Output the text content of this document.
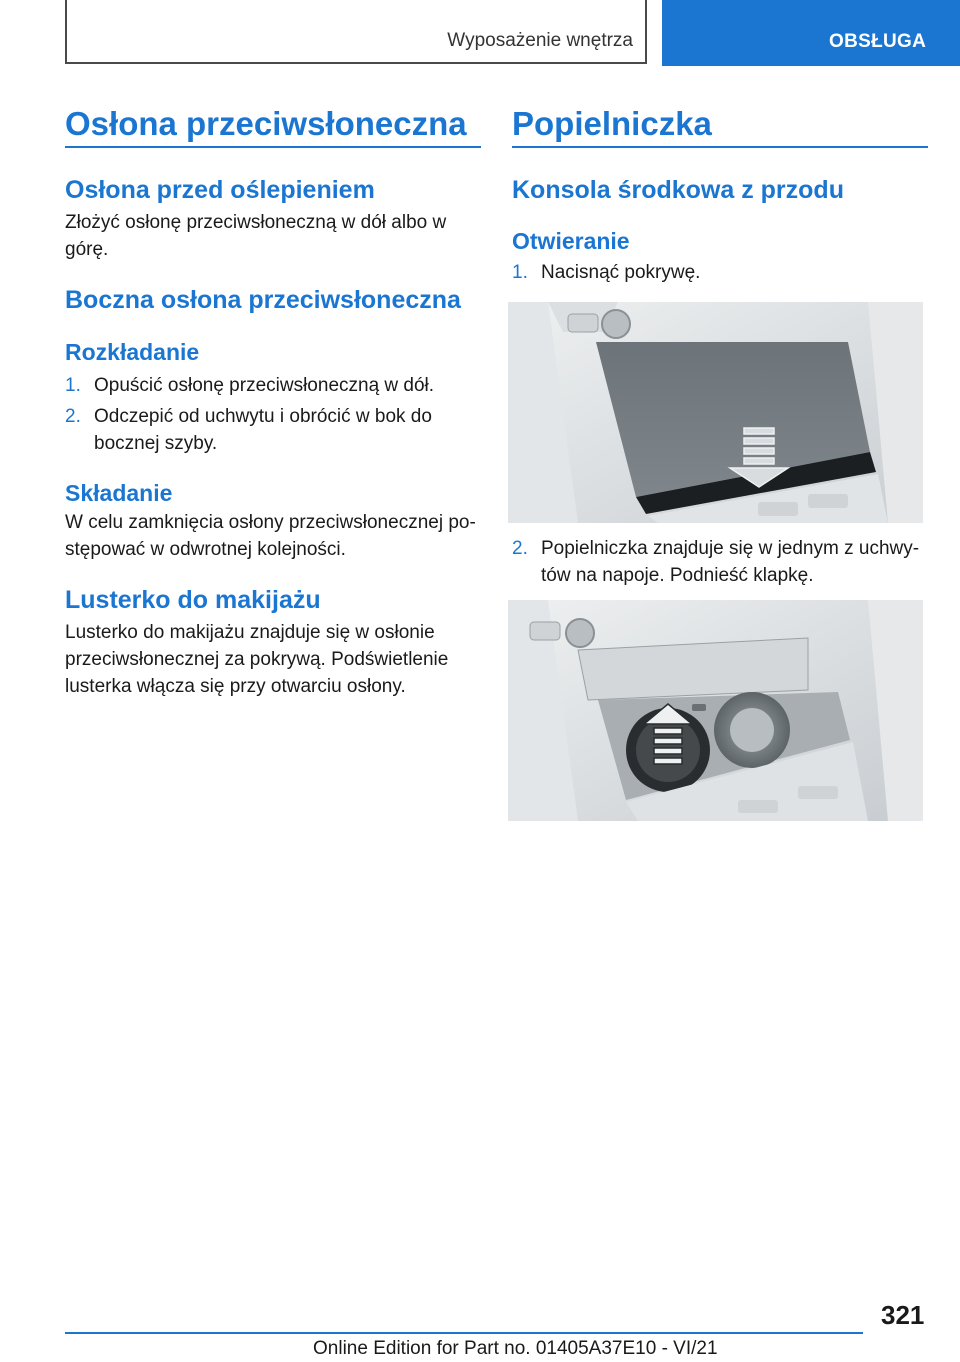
Wyposażenie wnętrza	OBSŁUGA
Osłona przeciwsłoneczna
Osłona przed oślepieniem

Złożyć osłonę przeciwsłoneczną w dół albo w górę.

Boczna osłona przeciwsłoneczna
Rozkładanie
1. Opuścić osłonę przeciwsłoneczną w dół.
2. Odczepić od uchwytu i obrócić w bok do bocznej szyby.
Składanie

W celu zamknięcia osłony przeciwsłonecznej po-stępować w odwrotnej kolejności.

Lusterko do makijażu

Lusterko do makijażu znajduje się w osłonie przeciwsłonecznej za pokrywą. Podświetlenie lusterka włącza się przy otwarciu osłony.

Popielniczka
Konsola środkowa z przodu
Otwieranie
1. Nacisnąć pokrywę.
2. Popielniczka znajduje się w jednym z uchwy-tów na napoje. Podnieść klapkę.
321
Online Edition for Part no. 01405A37E10 - VI/21
